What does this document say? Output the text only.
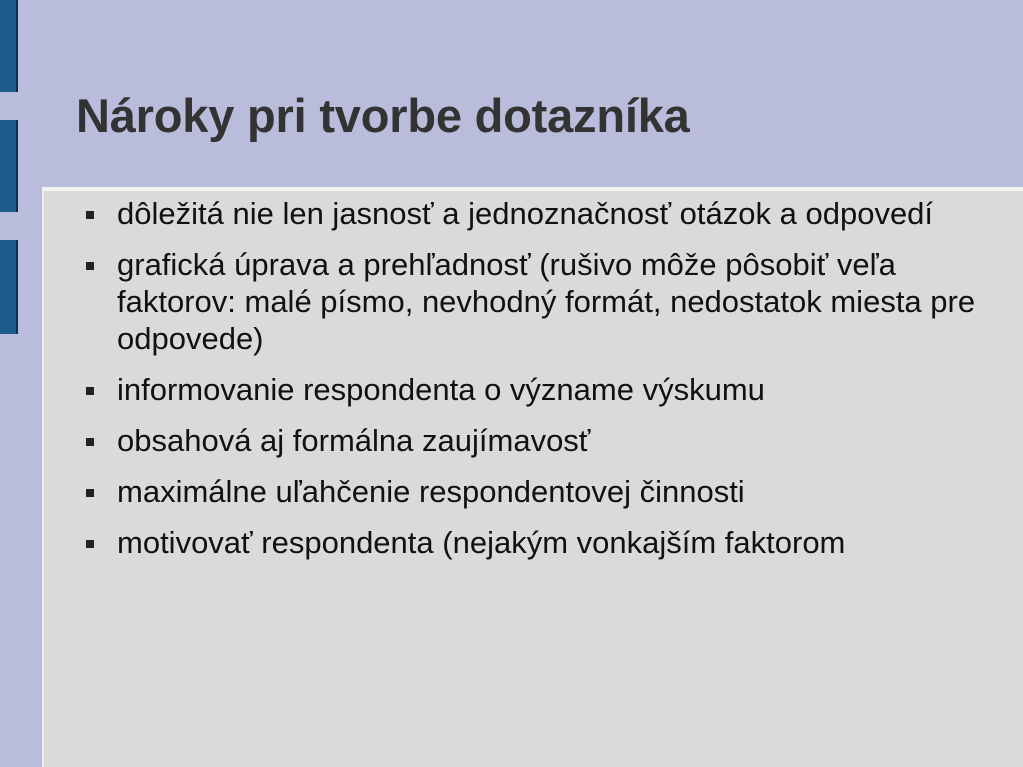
Nároky pri tvorbe dotazníka
dôležitá nie len jasnosť a jednoznačnosť otázok a odpovedí
grafická úprava a prehľadnosť (rušivo môže pôsobiť veľa faktorov: malé písmo, nevhodný formát, nedostatok miesta pre odpovede)
informovanie respondenta o význame výskumu
obsahová aj formálna zaujímavosť
maximálne uľahčenie respondentovej činnosti
motivovať respondenta (nejakým vonkajším faktorom
